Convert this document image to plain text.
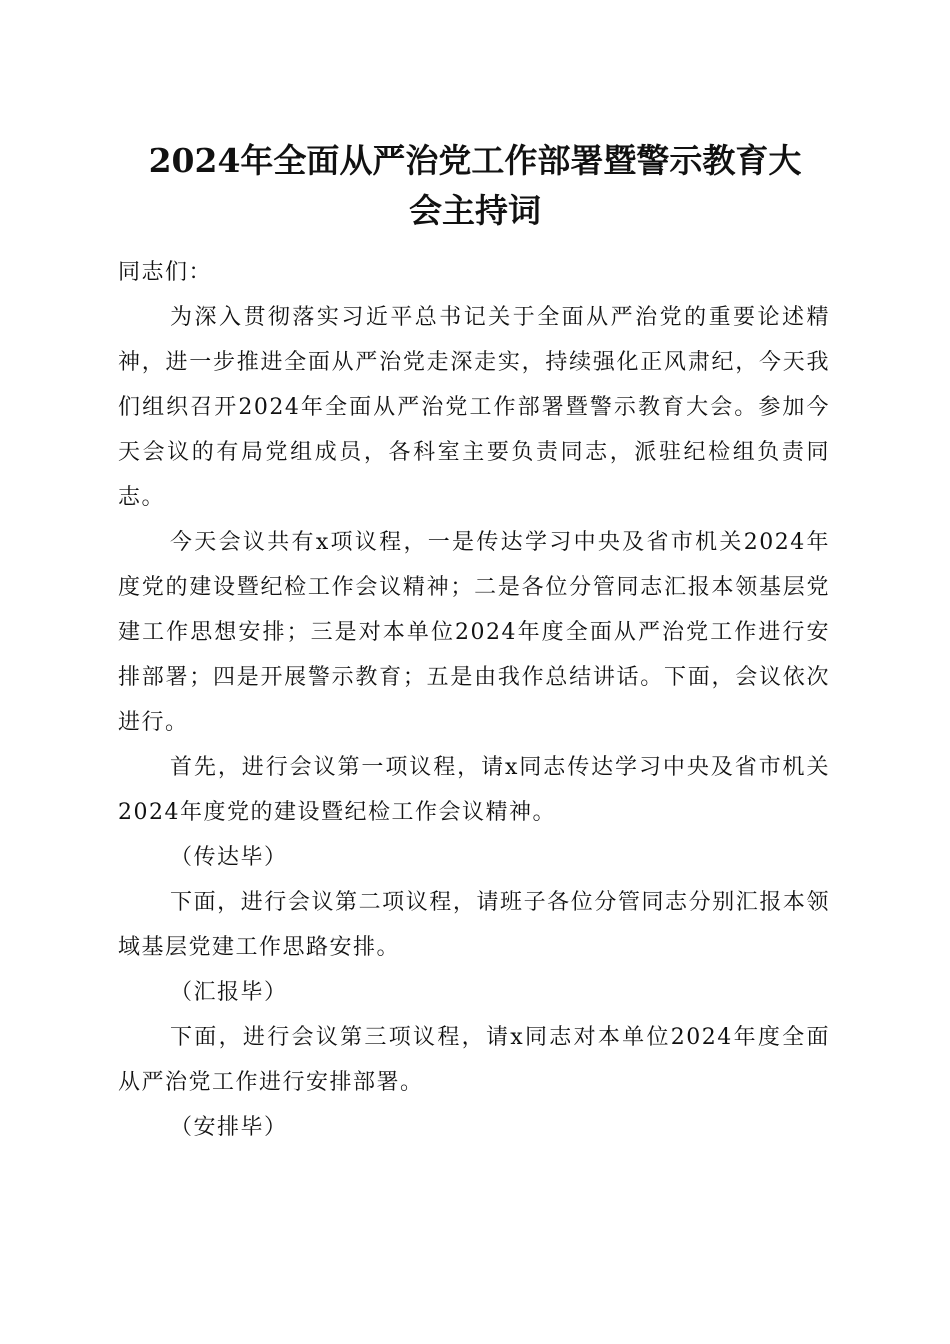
2024年全面从严治党工作部署暨警示教育大
会主持词

同志们：

为深入贯彻落实习近平总书记关于全面从严治党的重要论述精神，进一步推进全面从严治党走深走实，持续强化正风肃纪，今天我们组织召开2024年全面从严治党工作部署暨警示教育大会。参加今天会议的有局党组成员，各科室主要负责同志，派驻纪检组负责同志。

今天会议共有x项议程，一是传达学习中央及省市机关2024年度党的建设暨纪检工作会议精神；二是各位分管同志汇报本领基层党建工作思想安排；三是对本单位2024年度全面从严治党工作进行安排部署；四是开展警示教育；五是由我作总结讲话。下面，会议依次进行。

首先，进行会议第一项议程，请x同志传达学习中央及省市机关2024年度党的建设暨纪检工作会议精神。

（传达毕）

下面，进行会议第二项议程，请班子各位分管同志分别汇报本领域基层党建工作思路安排。

（汇报毕）

下面，进行会议第三项议程，请x同志对本单位2024年度全面从严治党工作进行安排部署。

（安排毕）
